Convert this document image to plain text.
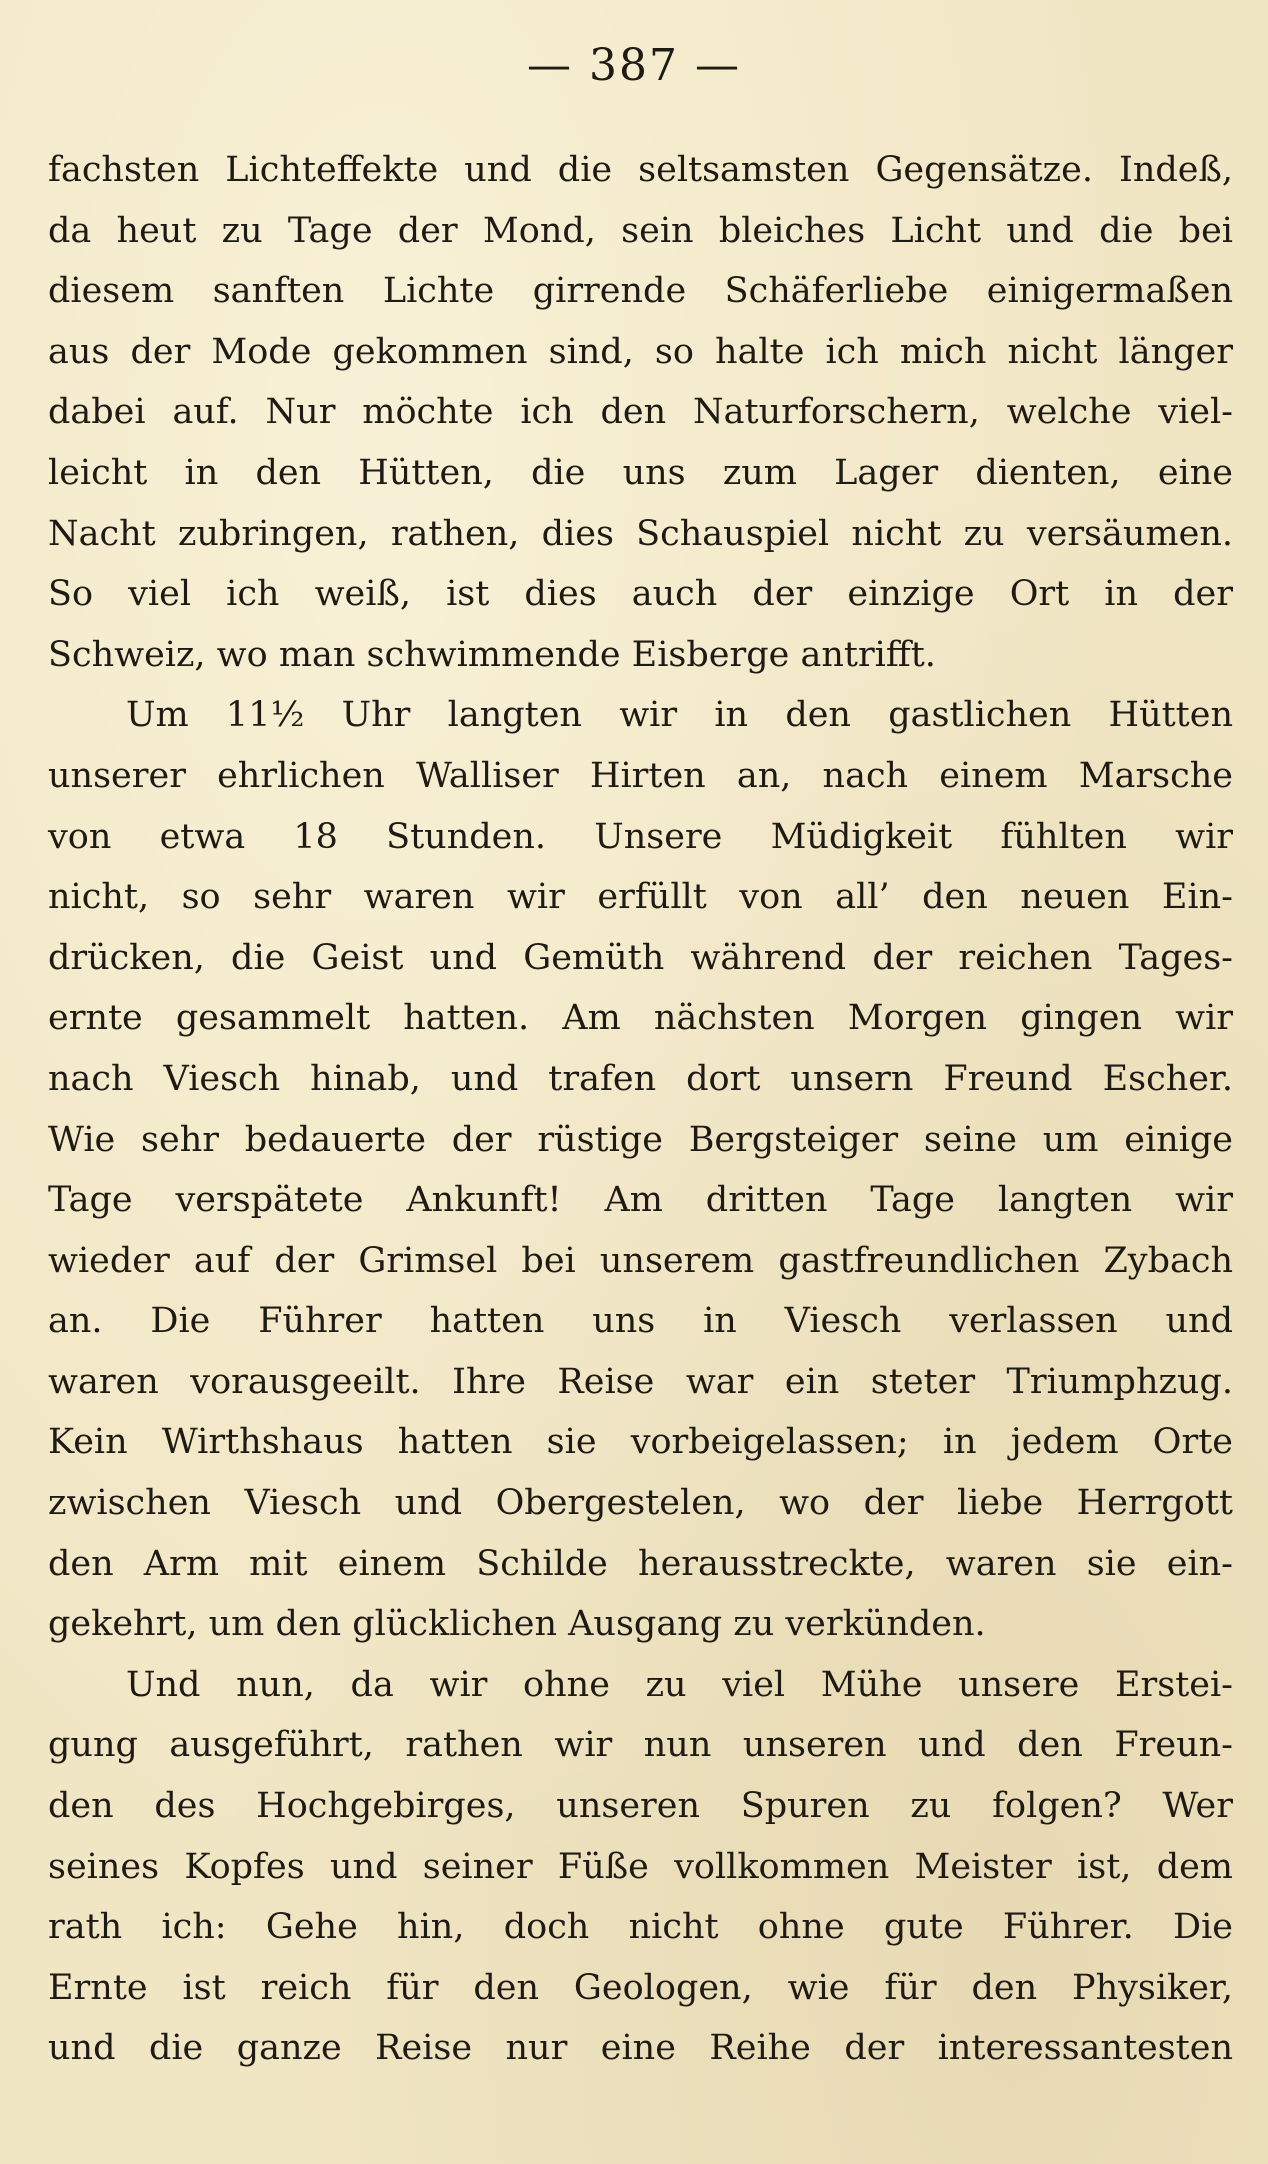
— 387 —
fachsten Lichteffekte und die seltsamsten Gegensätze. Indeß,
da heut zu Tage der Mond, sein bleiches Licht und die bei
diesem sanften Lichte girrende Schäferliebe einigermaßen
aus der Mode gekommen sind, so halte ich mich nicht länger
dabei auf. Nur möchte ich den Naturforschern, welche viel-
leicht in den Hütten, die uns zum Lager dienten, eine
Nacht zubringen, rathen, dies Schauspiel nicht zu versäumen.
So viel ich weiß, ist dies auch der einzige Ort in der
Schweiz, wo man schwimmende Eisberge antrifft.
Um 11½ Uhr langten wir in den gastlichen Hütten
unserer ehrlichen Walliser Hirten an, nach einem Marsche
von etwa 18 Stunden. Unsere Müdigkeit fühlten wir
nicht, so sehr waren wir erfüllt von all’ den neuen Ein-
drücken, die Geist und Gemüth während der reichen Tages-
ernte gesammelt hatten. Am nächsten Morgen gingen wir
nach Viesch hinab, und trafen dort unsern Freund Escher.
Wie sehr bedauerte der rüstige Bergsteiger seine um einige
Tage verspätete Ankunft! Am dritten Tage langten wir
wieder auf der Grimsel bei unserem gastfreundlichen Zybach
an. Die Führer hatten uns in Viesch verlassen und
waren vorausgeeilt. Ihre Reise war ein steter Triumphzug.
Kein Wirthshaus hatten sie vorbeigelassen; in jedem Orte
zwischen Viesch und Obergestelen, wo der liebe Herrgott
den Arm mit einem Schilde herausstreckte, waren sie ein-
gekehrt, um den glücklichen Ausgang zu verkünden.
Und nun, da wir ohne zu viel Mühe unsere Erstei-
gung ausgeführt, rathen wir nun unseren und den Freun-
den des Hochgebirges, unseren Spuren zu folgen? Wer
seines Kopfes und seiner Füße vollkommen Meister ist, dem
rath ich: Gehe hin, doch nicht ohne gute Führer. Die
Ernte ist reich für den Geologen, wie für den Physiker,
und die ganze Reise nur eine Reihe der interessantesten
